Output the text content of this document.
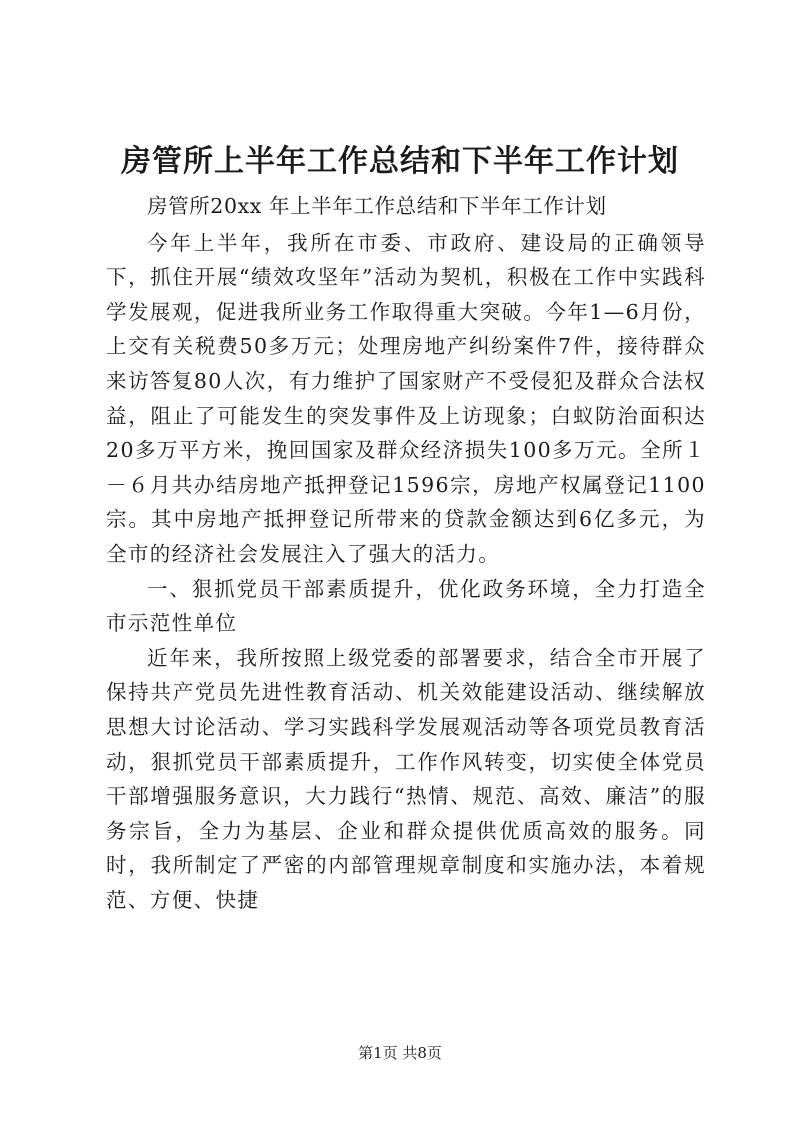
房管所上半年工作总结和下半年工作计划

房管所20xx 年上半年工作总结和下半年工作计划

今年上半年，我所在市委、市政府、建设局的正确领导下，抓住开展“绩效攻坚年”活动为契机，积极在工作中实践科学发展观，促进我所业务工作取得重大突破。今年1—6月份，上交有关税费50多万元；处理房地产纠纷案件7件，接待群众来访答复80人次，有力维护了国家财产不受侵犯及群众合法权益，阻止了可能发生的突发事件及上访现象；白蚁防治面积达20多万平方米，挽回国家及群众经济损失100多万元。全所１－６月共办结房地产抵押登记1596宗，房地产权属登记1100宗。其中房地产抵押登记所带来的贷款金额达到6亿多元，为全市的经济社会发展注入了强大的活力。

一、狠抓党员干部素质提升，优化政务环境，全力打造全市示范性单位

近年来，我所按照上级党委的部署要求，结合全市开展了保持共产党员先进性教育活动、机关效能建设活动、继续解放思想大讨论活动、学习实践科学发展观活动等各项党员教育活动，狠抓党员干部素质提升，工作作风转变，切实使全体党员干部增强服务意识，大力践行“热情、规范、高效、廉洁”的服务宗旨，全力为基层、企业和群众提供优质高效的服务。同时，我所制定了严密的内部管理规章制度和实施办法，本着规范、方便、快捷

第1页 共8页
